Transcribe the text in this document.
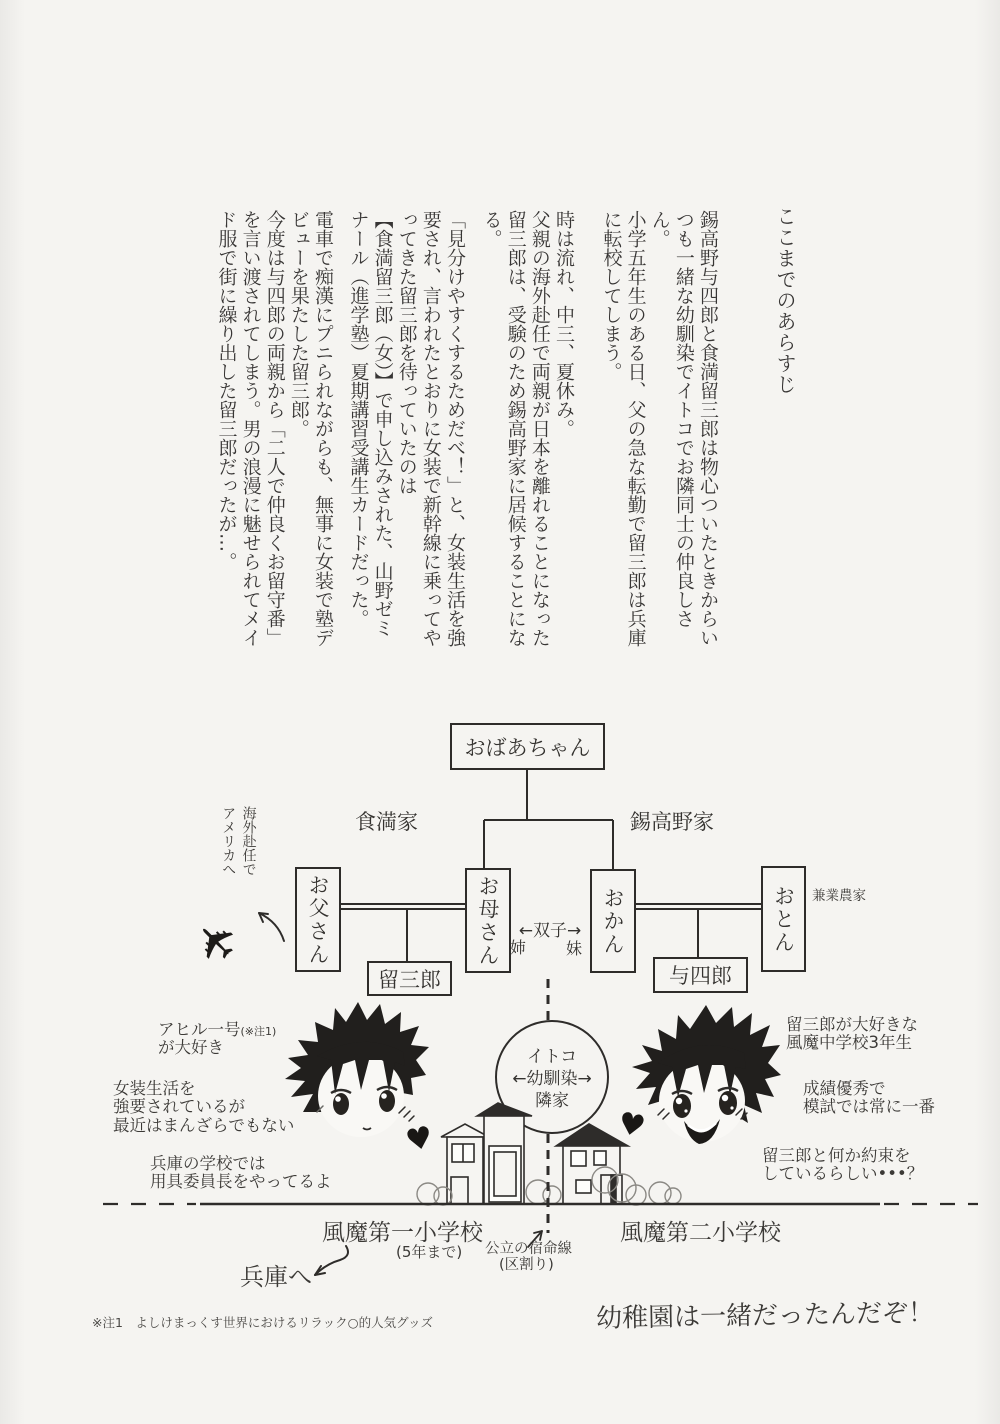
ここまでのあらすじ

錫高野与四郎と食満留三郎は物心ついたときからいつも一緒な幼馴染でイトコでお隣同士の仲良しさん。

小学五年生のある日、父の急な転勤で留三郎は兵庫に転校してしまう。

時は流れ、中三、夏休み。

父親の海外赴任で両親が日本を離れることになった留三郎は、受験のため錫高野家に居候することになる。

「見分けやすくするためだべ！」と、女装生活を強要され、言われたとおりに女装で新幹線に乗ってやってきた留三郎を待っていたのは

【食満留三郎（女）】で申し込みされた、山野ゼミナール（進学塾）夏期講習受講生カードだった。

電車で痴漢にプニられながらも、無事に女装で塾デビューを果たした留三郎。

今度は与四郎の両親から「二人で仲良くお留守番」を言い渡されてしまう。男の浪漫に魅せられてメイド服で街に繰り出した留三郎だったが…。

おばあちゃん
食満家	錫高野家

海外赴任で

アメリカへ

✈	お父さん	お母さん	おかん	おとん	兼業農家
←双子→
姉 妹
留三郎	与四郎
イトコ
←幼馴染→
隣家
♥	♥
アヒル一号(※注1)
が大好き
女装生活を
強要されているが
最近はまんざらでもない
兵庫の学校では
用具委員長をやってるよ
留三郎が大好きな
風魔中学校3年生
成績優秀で
模試では常に一番
留三郎と何か約束を
しているらしい•••？
風魔第一小学校
(5年まで)
風魔第二小学校
兵庫へ
公立の宿命線
(区割り)
幼稚園は一緒だったんだぞ！
※注1　よしけまっくす世界におけるリラック○的人気グッズ
